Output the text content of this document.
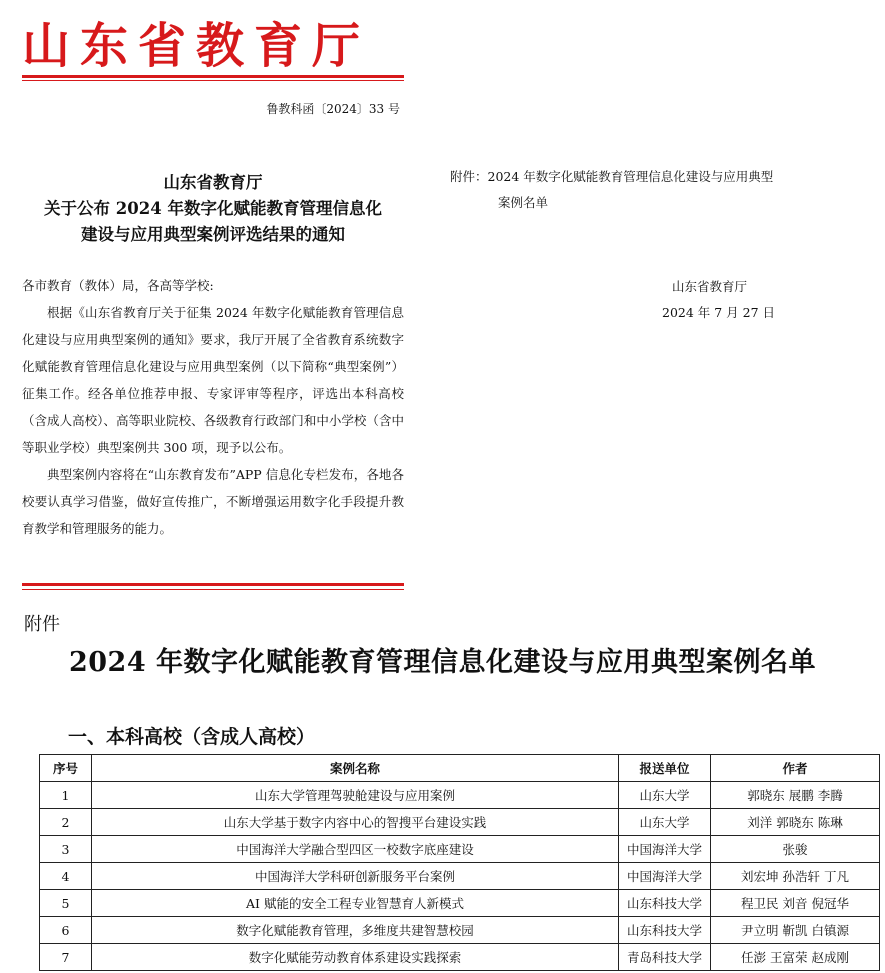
山东省教育厅
鲁教科函〔2024〕33 号
山东省教育厅
关于公布 2024 年数字化赋能教育管理信息化
建设与应用典型案例评选结果的通知

各市教育（教体）局，各高等学校:

根据《山东省教育厅关于征集 2024 年数字化赋能教育管理信息化建设与应用典型案例的通知》要求，我厅开展了全省教育系统数字化赋能教育管理信息化建设与应用典型案例（以下简称“典型案例”）征集工作。经各单位推荐申报、专家评审等程序，评选出本科高校（含成人高校）、高等职业院校、各级教育行政部门和中小学校（含中等职业学校）典型案例共 300 项，现予以公布。

典型案例内容将在“山东教育发布”APP 信息化专栏发布，各地各校要认真学习借鉴，做好宣传推广，不断增强运用数字化手段提升教育教学和管理服务的能力。

附件：2024 年数字化赋能教育管理信息化建设与应用典型
案例名单
山东省教育厅
2024 年 7 月 27 日
附件
2024 年数字化赋能教育管理信息化建设与应用典型案例名单
一、本科高校（含成人高校）
序号	案例名称	报送单位	作者
1	山东大学管理驾驶舱建设与应用案例	山东大学	郭晓东 展鹏 李腾
2	山东大学基于数字内容中心的智搜平台建设实践	山东大学	刘洋 郭晓东 陈琳
3	中国海洋大学融合型四区一校数字底座建设	中国海洋大学	张骏
4	中国海洋大学科研创新服务平台案例	中国海洋大学	刘宏坤 孙浩轩 丁凡
5	AI 赋能的安全工程专业智慧育人新模式	山东科技大学	程卫民 刘音 倪冠华
6	数字化赋能教育管理，多维度共建智慧校园	山东科技大学	尹立明 靳凯 白镇源
7	数字化赋能劳动教育体系建设实践探索	青岛科技大学	任澎 王富荣 赵成刚
